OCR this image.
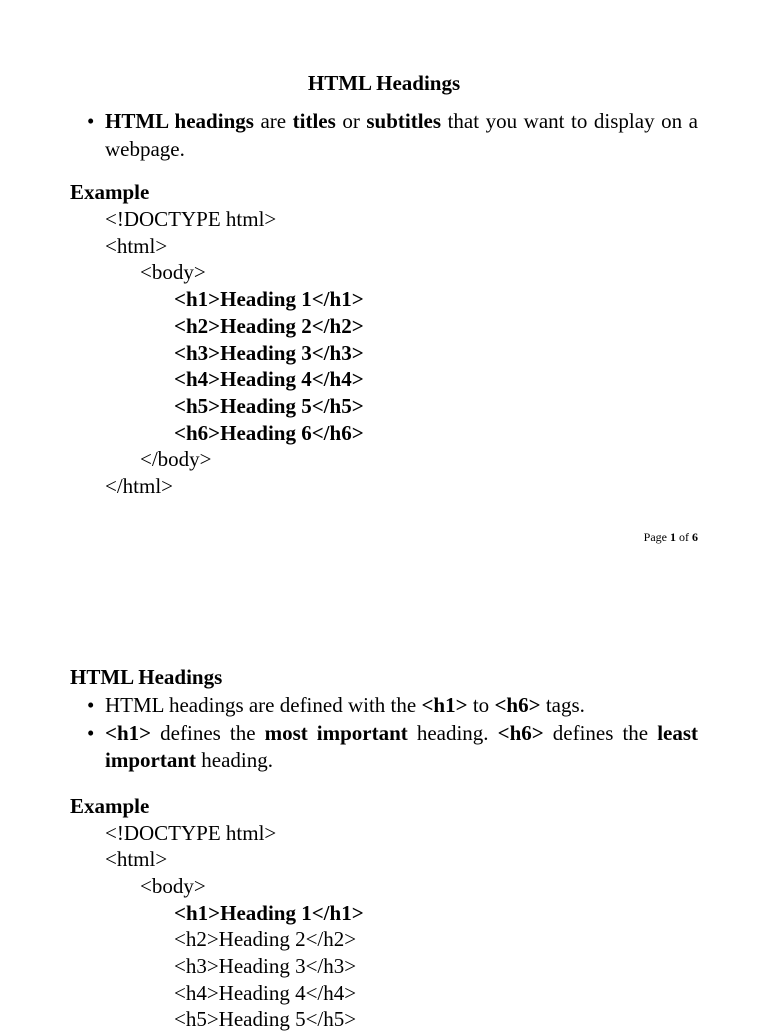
HTML Headings
• HTML headings are titles or subtitles that you want to display on a webpage.
Example
<!DOCTYPE html>
<html>
<body>
<h1>Heading 1</h1>
<h2>Heading 2</h2>
<h3>Heading 3</h3>
<h4>Heading 4</h4>
<h5>Heading 5</h5>
<h6>Heading 6</h6>
</body>
</html>
Page 1 of 6
HTML Headings
• HTML headings are defined with the <h1> to <h6> tags.
• <h1> defines the most important heading. <h6> defines the least important heading.
Example
<!DOCTYPE html>
<html>
<body>
<h1>Heading 1</h1>
<h2>Heading 2</h2>
<h3>Heading 3</h3>
<h4>Heading 4</h4>
<h5>Heading 5</h5>
